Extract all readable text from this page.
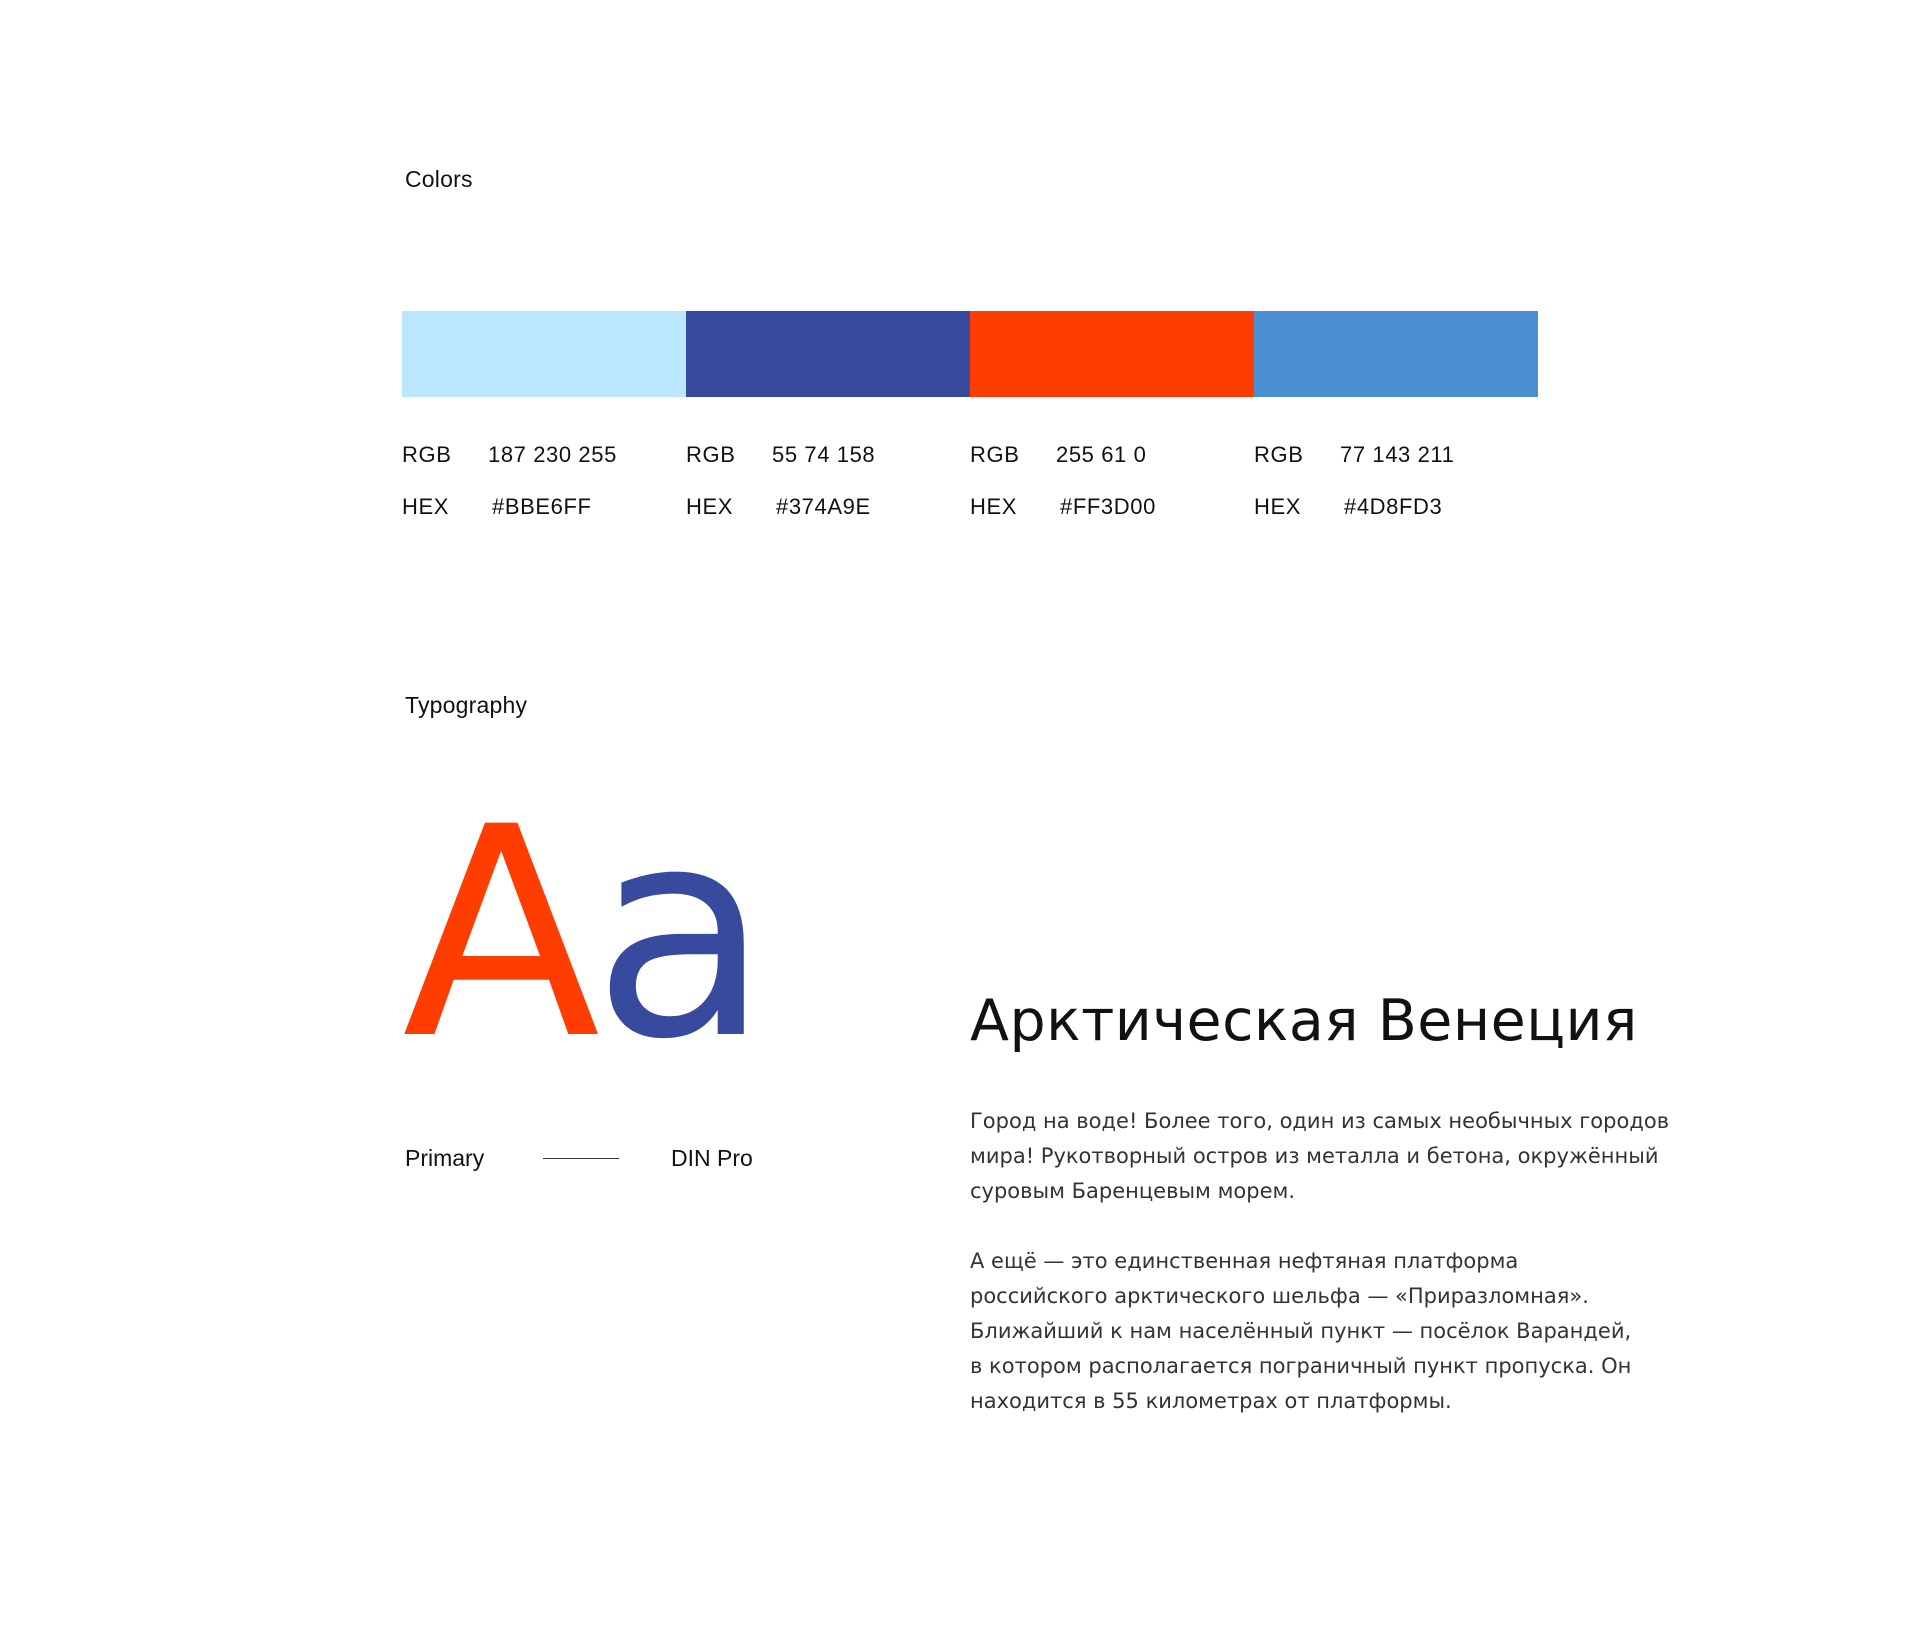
Colors
RGB	187 230 255
HEX	#BBE6FF
RGB	55 74 158
HEX	#374A9E
RGB	255 61 0
HEX	#FF3D00
RGB	77 143 211
HEX	#4D8FD3
Typography
Aa
Primary	DIN Pro
Арктическая Венеция

Город на воде! Более того, один из самых необычных городов
мира! Рукотворный остров из металла и бетона, окружённый
суровым Баренцевым морем.

А ещё — это единственная нефтяная платформа
российского арктического шельфа — «Приразломная».
Ближайший к нам населённый пункт — посёлок Варандей,
в котором располагается пограничный пункт пропуска. Он
находится в 55 километрах от платформы.
